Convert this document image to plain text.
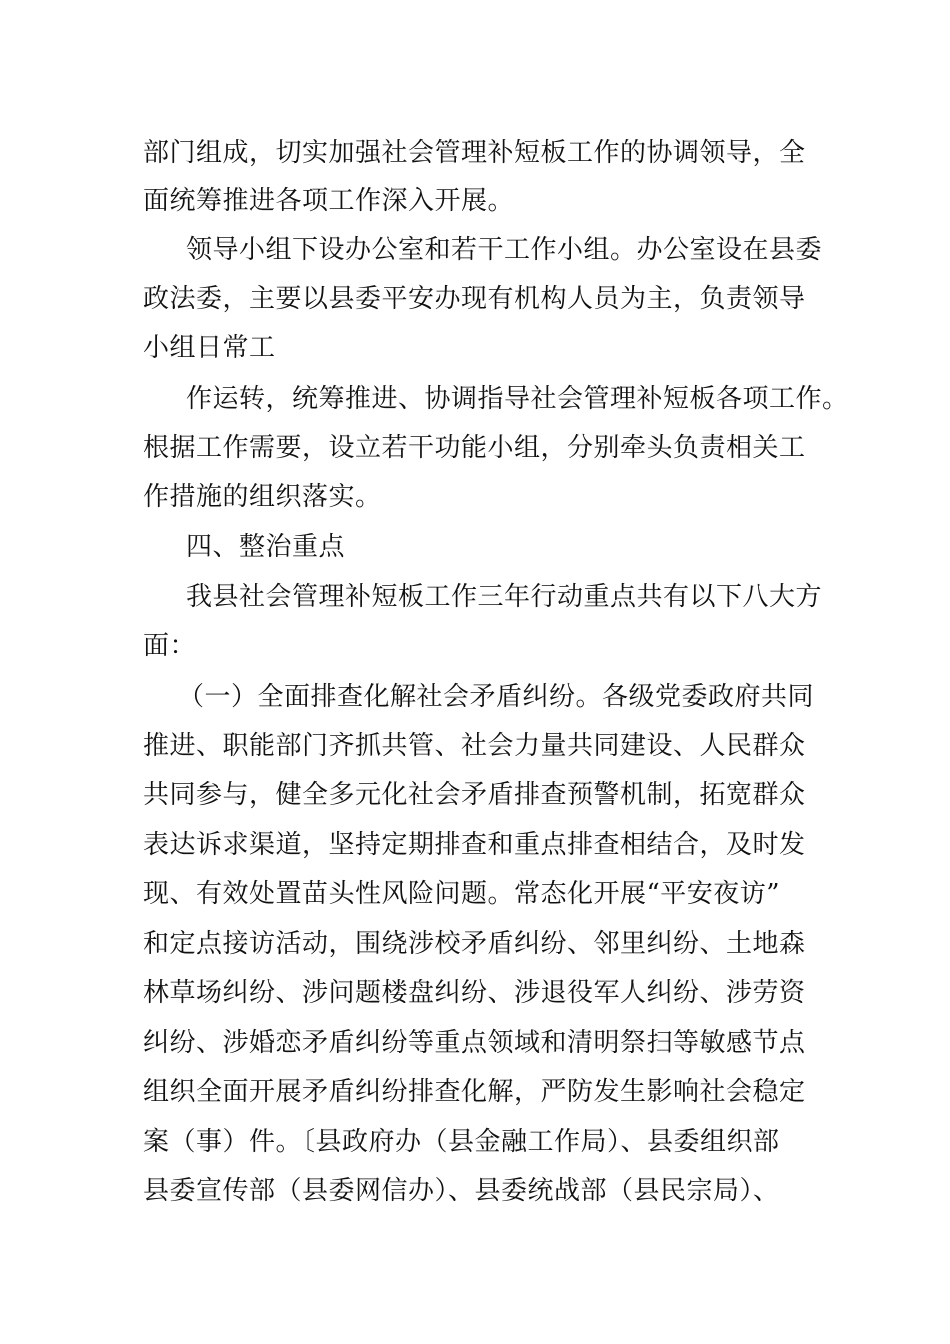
部门组成，切实加强社会管理补短板工作的协调领导，全
面统筹推进各项工作深入开展。
领导小组下设办公室和若干工作小组。办公室设在县委
政法委，主要以县委平安办现有机构人员为主，负责领导
小组日常工
作运转，统筹推进、协调指导社会管理补短板各项工作。
根据工作需要，设立若干功能小组，分别牵头负责相关工
作措施的组织落实。
四、整治重点
我县社会管理补短板工作三年行动重点共有以下八大方
面：
（一）全面排查化解社会矛盾纠纷。各级党委政府共同
推进、职能部门齐抓共管、社会力量共同建设、人民群众
共同参与，健全多元化社会矛盾排查预警机制，拓宽群众
表达诉求渠道，坚持定期排查和重点排查相结合，及时发
现、有效处置苗头性风险问题。常态化开展“平安夜访”
和定点接访活动，围绕涉校矛盾纠纷、邻里纠纷、土地森
林草场纠纷、涉问题楼盘纠纷、涉退役军人纠纷、涉劳资
纠纷、涉婚恋矛盾纠纷等重点领域和清明祭扫等敏感节点
组织全面开展矛盾纠纷排查化解，严防发生影响社会稳定
案（事）件。〔县政府办（县金融工作局）、县委组织部
县委宣传部（县委网信办）、县委统战部（县民宗局）、
